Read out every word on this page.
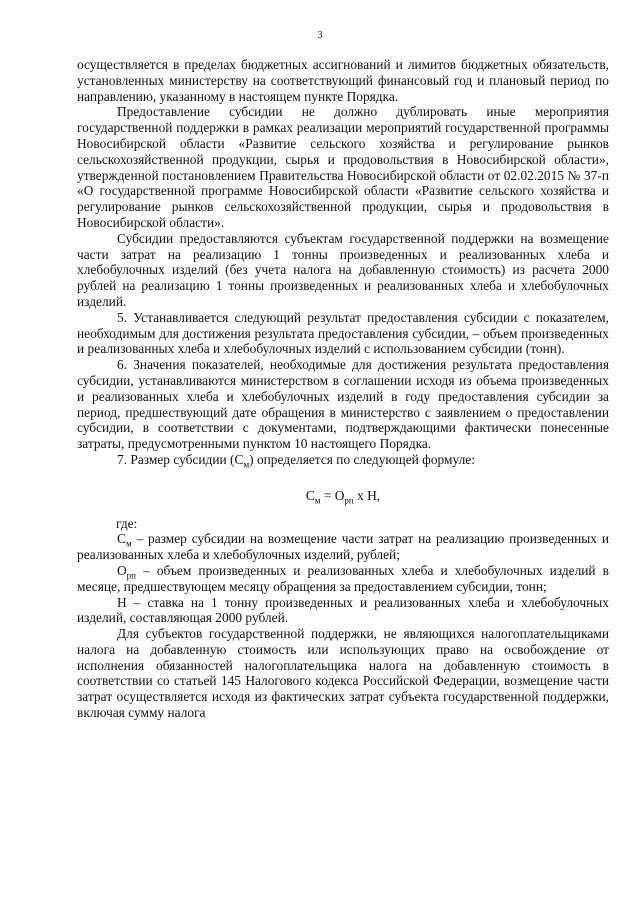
3

осуществляется в пределах бюджетных ассигнований и лимитов бюджетных обязательств, установленных министерству на соответствующий финансовый год и плановый период по направлению, указанному в настоящем пункте Порядка.

Предоставление субсидии не должно дублировать иные мероприятия государственной поддержки в рамках реализации мероприятий государственной программы Новосибирской области «Развитие сельского хозяйства и регулирование рынков сельскохозяйственной продукции, сырья и продовольствия в Новосибирской области», утвержденной постановлением Правительства Новосибирской области от 02.02.2015 № 37-п «О государственной программе Новосибирской области «Развитие сельского хозяйства и регулирование рынков сельскохозяйственной продукции, сырья и продовольствия в Новосибирской области».

Субсидии предоставляются субъектам государственной поддержки на возмещение части затрат на реализацию 1 тонны произведенных и реализованных хлеба и хлебобулочных изделий (без учета налога на добавленную стоимость) из расчета 2000 рублей на реализацию 1 тонны произведенных и реализованных хлеба и хлебобулочных изделий.

5. Устанавливается следующий результат предоставления субсидии с показателем, необходимым для достижения результата предоставления субсидии, – объем произведенных и реализованных хлеба и хлебобулочных изделий с использованием субсидии (тонн).

6. Значения показателей, необходимые для достижения результата предоставления субсидии, устанавливаются министерством в соглашении исходя из объема произведенных и реализованных хлеба и хлебобулочных изделий в году предоставления субсидии за период, предшествующий дате обращения в министерство с заявлением о предоставлении субсидии, в соответствии с документами, подтверждающими фактически понесенные затраты, предусмотренными пунктом 10 настоящего Порядка.

7. Размер субсидии $(С_м)$ определяется по следующей формуле:

$С_м = О_{рп}$ х Н,

где:

$С_м$ – размер субсидии на возмещение части затрат на реализацию произведенных и реализованных хлеба и хлебобулочных изделий, рублей;

$О_{рп}$ – объем произведенных и реализованных хлеба и хлебобулочных изделий в месяце, предшествующем месяцу обращения за предоставлением субсидии, тонн;

Н – ставка на 1 тонну произведенных и реализованных хлеба и хлебобулочных изделий, составляющая 2000 рублей.

Для субъектов государственной поддержки, не являющихся налогоплательщиками налога на добавленную стоимость или использующих право на освобождение от исполнения обязанностей налогоплательщика налога на добавленную стоимость в соответствии со статьей 145 Налогового кодекса Российской Федерации, возмещение части затрат осуществляется исходя из фактических затрат субъекта государственной поддержки, включая сумму налога
